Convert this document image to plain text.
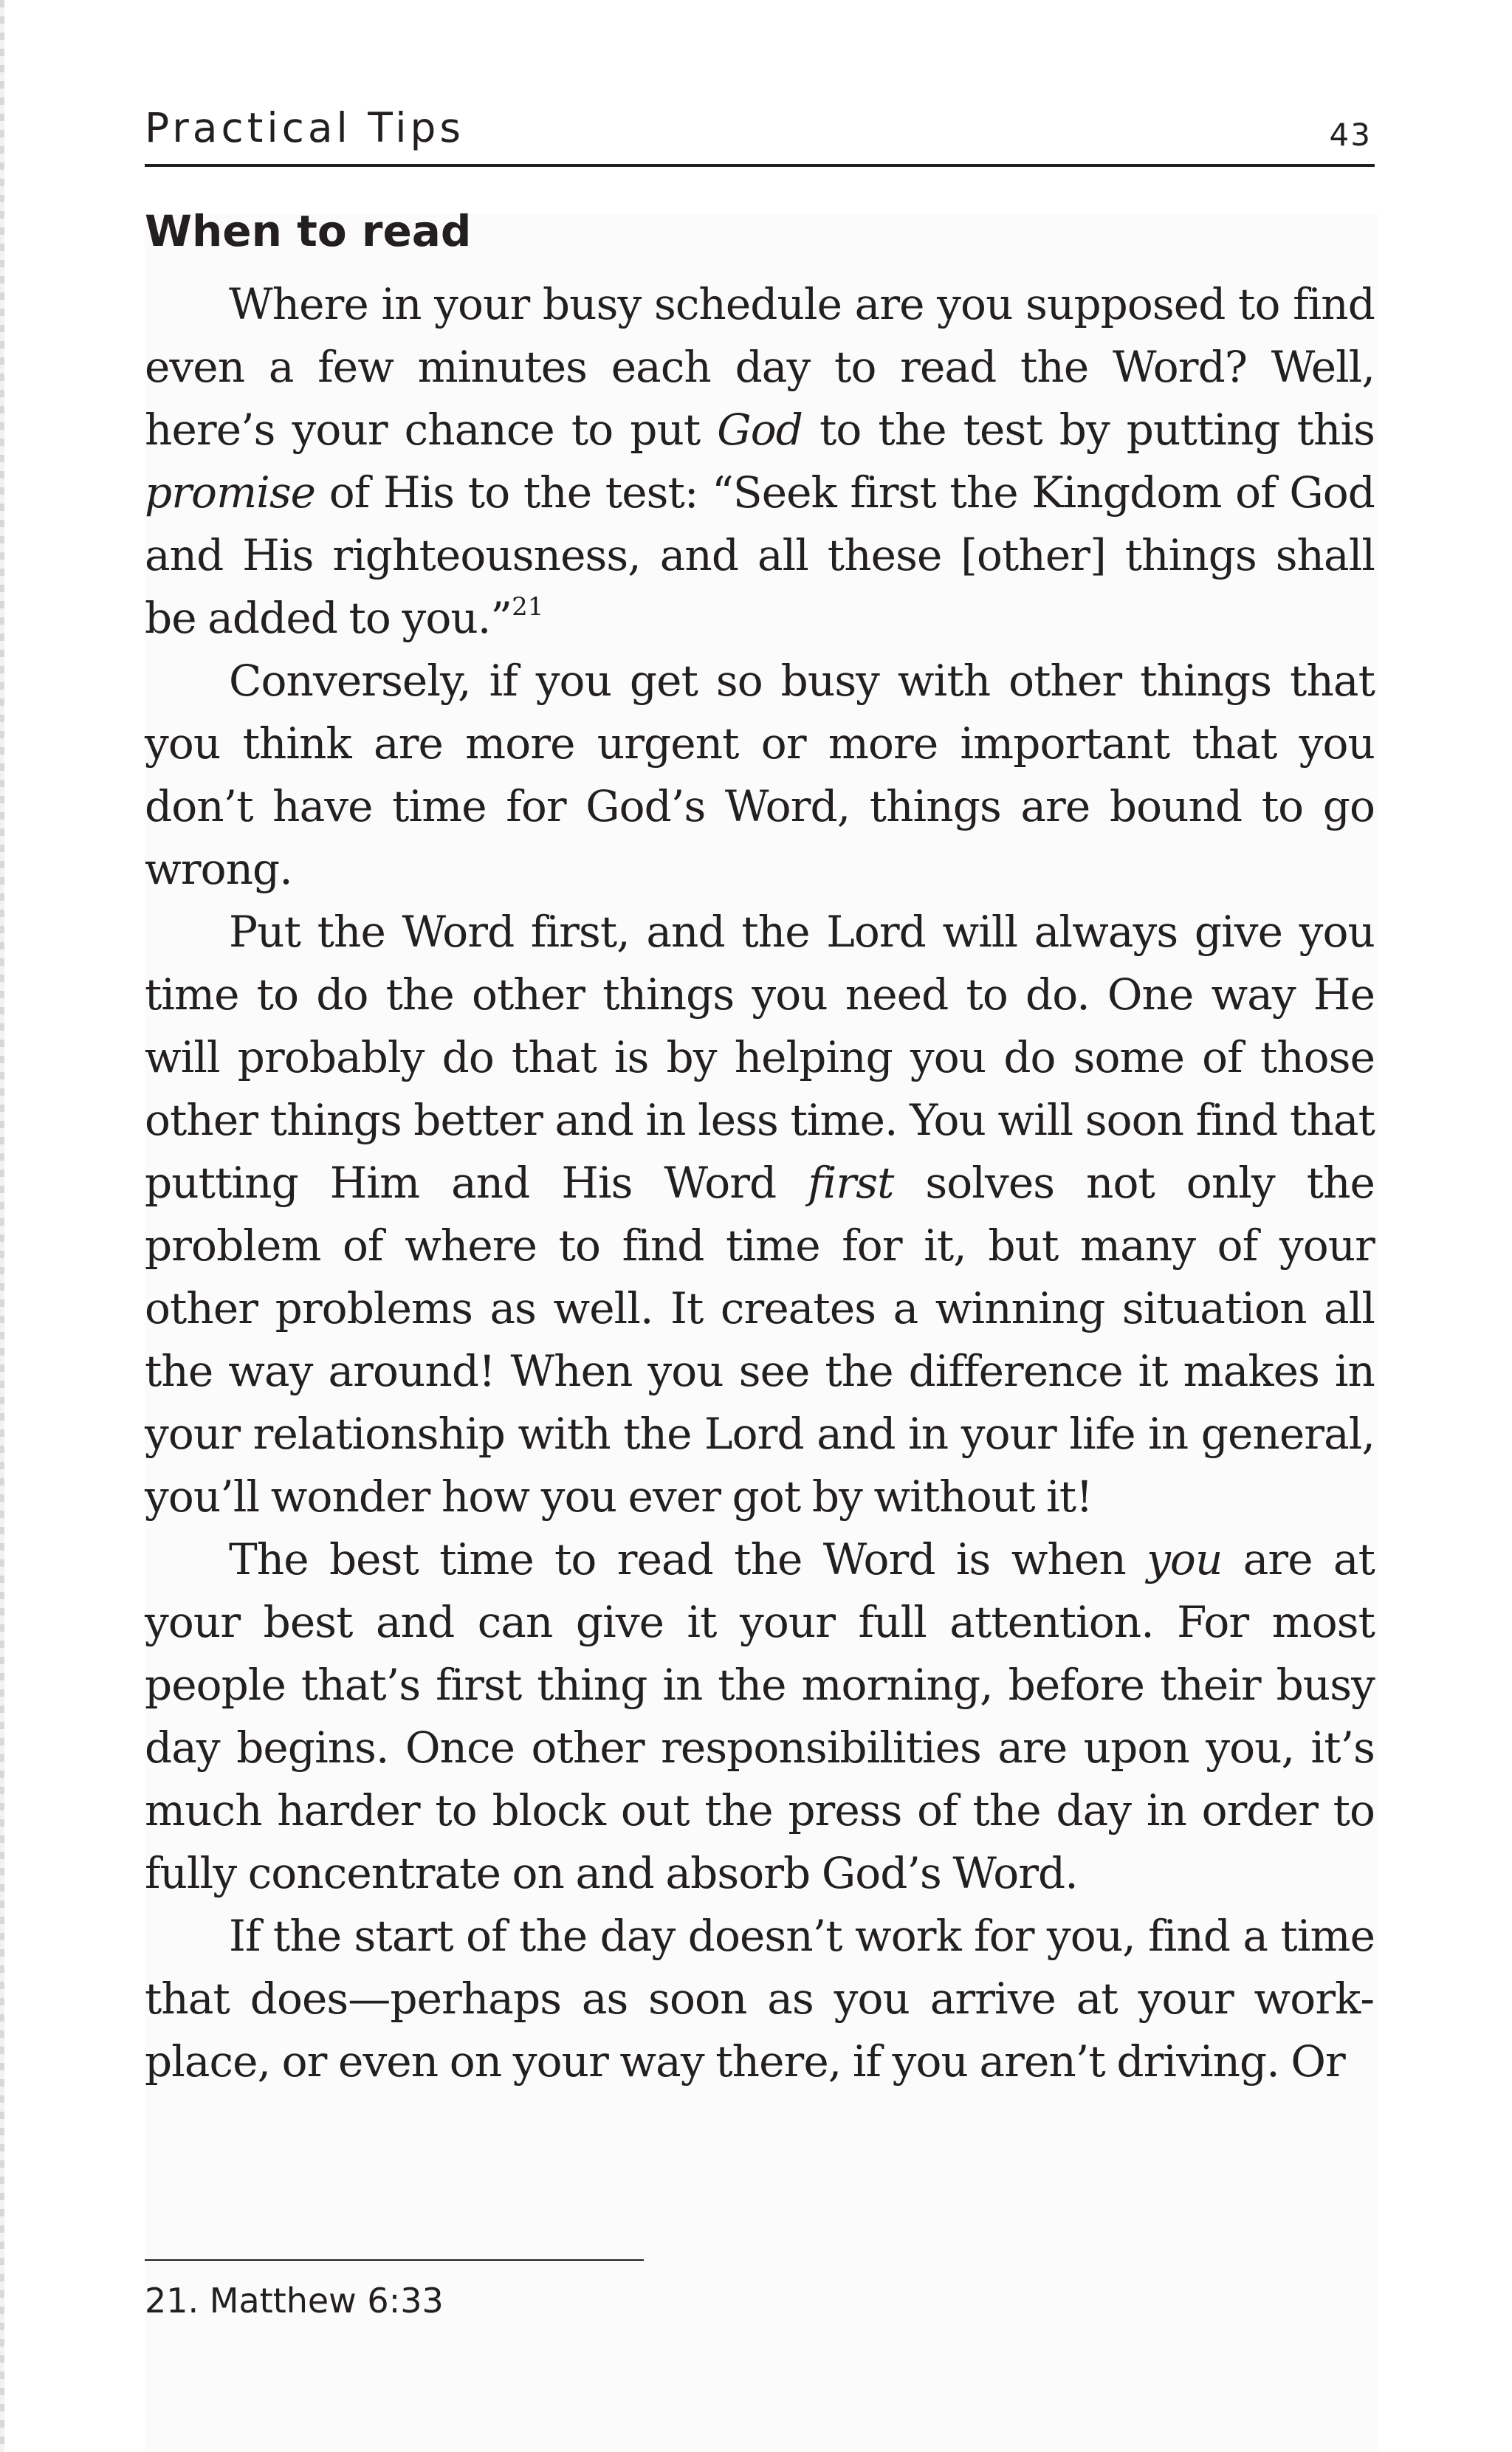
Practical Tips	43
When to read

Where in your busy schedule are you supposed to find even a few minutes each day to read the Word? Well, here’s your chance to put God to the test by putting this promise of His to the test: “Seek first the Kingdom of God and His righteousness, and all these [other] things shall be added to you.”$^{21}$

Conversely, if you get so busy with other things that you think are more urgent or more important that you don’t have time for God’s Word, things are bound to go wrong.

Put the Word first, and the Lord will always give you time to do the other things you need to do. One way He will probably do that is by helping you do some of those other things better and in less time. You will soon find that putting Him and His Word first solves not only the problem of where to find time for it, but many of your other problems as well. It creates a winning situation all the way around! When you see the difference it makes in your relationship with the Lord and in your life in general, you’ll wonder how you ever got by without it!

The best time to read the Word is when you are at your best and can give it your full attention. For most people that’s first thing in the morning, before their busy day begins. Once other responsibilities are upon you, it’s much harder to block out the press of the day in order to fully concentrate on and absorb God’s Word.

If the start of the day doesn’t work for you, find a time that does—perhaps as soon as you arrive at your workplace, or even on your way there, if you aren’t driving. Or

21. Matthew 6:33
